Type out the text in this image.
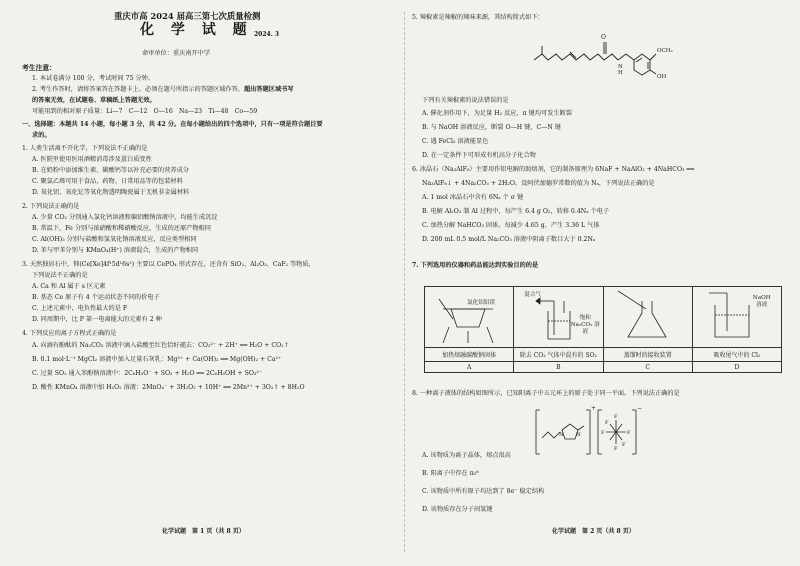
重庆市高 2024 届高三第七次质量检测
化 学 试 题 2024. 3
命审单位：重庆南开中学
考生注意：
1. 本试卷满分 100 分，考试时间 75 分钟。
2. 考生作答时，请将答案答在答题卡上。必须在题号所指示的答题区域作答，超出答题区域书写
的答案无效，在试题卷、草稿纸上答题无效。
可能用到的相对原子质量：Li—7　C—12　O—16　Na—23　Ti—48　Co—59
一、选择题：本题共 14 小题，每小题 3 分，共 42 分。在每小题给出的四个选项中，只有一项是符合题目要
求的。
1. 人类生活离不开化学，下列说法不正确的是
A. 医院里使用医用酒精消毒涉及蛋白质变性
B. 在奶粉中添加维生素、碳酸钙等以补充必要的营养成分
C. 聚氯乙烯可用于食品、药物、日常用品等的包装材料
D. 氧化铝、氧化钇等氧化物透明陶瓷属于无机非金属材料
2. 下列说法正确的是
A. 少量 CO₂ 分别通入氯化钙溶液和偏铝酸钠溶液中，均能生成沉淀
B. 常温下，Fe 分别与浓硝酸和稀硝酸反应，生成的还原产物相同
C. Al(OH)₃ 分别与盐酸和氢氧化钠溶液反应，反应类型相同
D. 苯与甲苯分别与 KMnO₄(H⁺) 溶液混合，生成的产物相同
3. 天然独居石中，铈(Ce[Xe]4f¹5d¹6s²) 主要以 CePO₄ 形式存在，还含有 SiO₂、Al₂O₃、CaF₂ 等物质，
下列说法不正确的是
A. Ca 和 Al 属于 s 区元素
B. 基态 Ce 原子有 4 个运动状态不同的价电子
C. 上述元素中，电负性最大的是 F
D. 同周期中，比 P 第一电离能大的元素有 2 种
4. 下列反应的离子方程式正确的是
A. 向滴有酚酞的 Na₂CO₃ 溶液中滴入盐酸至红色恰好褪去：CO₃²⁻ + 2H⁺ ══ H₂O + CO₂↑
B. 0.1 mol·L⁻¹ MgCl₂ 溶液中加入足量石灰乳：Mg²⁺ + Ca(OH)₂ ══ Mg(OH)₂ + Ca²⁺
C. 过量 SO₂ 通入苯酚钠溶液中：2C₆H₅O⁻ + SO₂ + H₂O ══ 2C₆H₅OH + SO₃²⁻
D. 酸性 KMnO₄ 溶液中加 H₂O₂ 溶液：2MnO₄⁻ + 3H₂O₂ + 10H⁺ ══ 2Mn²⁺ + 3O₂↑ + 8H₂O
化学试题　第 1 页（共 8 页）
5. 辣椒素是辣椒的辣味来源，其结构简式如下：
O
N
H
OCH₃
OH
下列有关辣椒素的说法错误的是
A. 催化剂作用下，为足量 H₂ 反应，π 键均可发生断裂
B. 与 NaOH 溶液反应，断裂 O—H 键、C—N 键
C. 遇 FeCl₃ 溶液能显色
D. 在一定条件下可形成有机高分子化合物
6. 冰晶石（Na₃AlF₆）主要用作铝电解的助熔剂，它的制备原理为 6NaF + NaAlO₂ + 4NaHCO₃ ══
Na₃AlF₆↓ + 4Na₂CO₃ + 2H₂O。设阿伏加德罗常数的值为 Nₐ，下列说法正确的是
A. 1 mol 冰晶石中含有 6Nₐ 个 σ 键
B. 电解 Al₂O₃ 制 Al 过程中，每产生 6.4 g O₂，转移 0.4Nₐ 个电子
C. 加热分解 NaHCO₃ 固体，每减少 4.65 g，产生 3.36 L 气体
D. 200 mL 0.5 mol/L Na₂CO₃ 溶液中阴离子数目大于 0.2Nₐ
7. 下列选用的仪器和药品能达到实验目的的是
氯化铝铝镁	混合气
饱和 Na₂CO₃ 溶液		NaOH 溶液

加热熔融碳酸钠固体	除去 CO₂ 气体中混有的 SO₂	蒸馏时的接收装置	吸收尾气中的 Cl₂
A	B	C	D
8. 一种离子液体的结构如图所示，已知阳离子中五元环上的原子处于同一平面。下列说法正确的是
N N
+	−
F
F
F	F
F
F
A. 该物质为离子晶体，熔点很高
B. 阳离子中存在 π₅⁶
C. 该物质中所有原子均达到了 8e⁻ 稳定结构
D. 该物质存在分子间氢键
化学试题　第 2 页（共 8 页）
